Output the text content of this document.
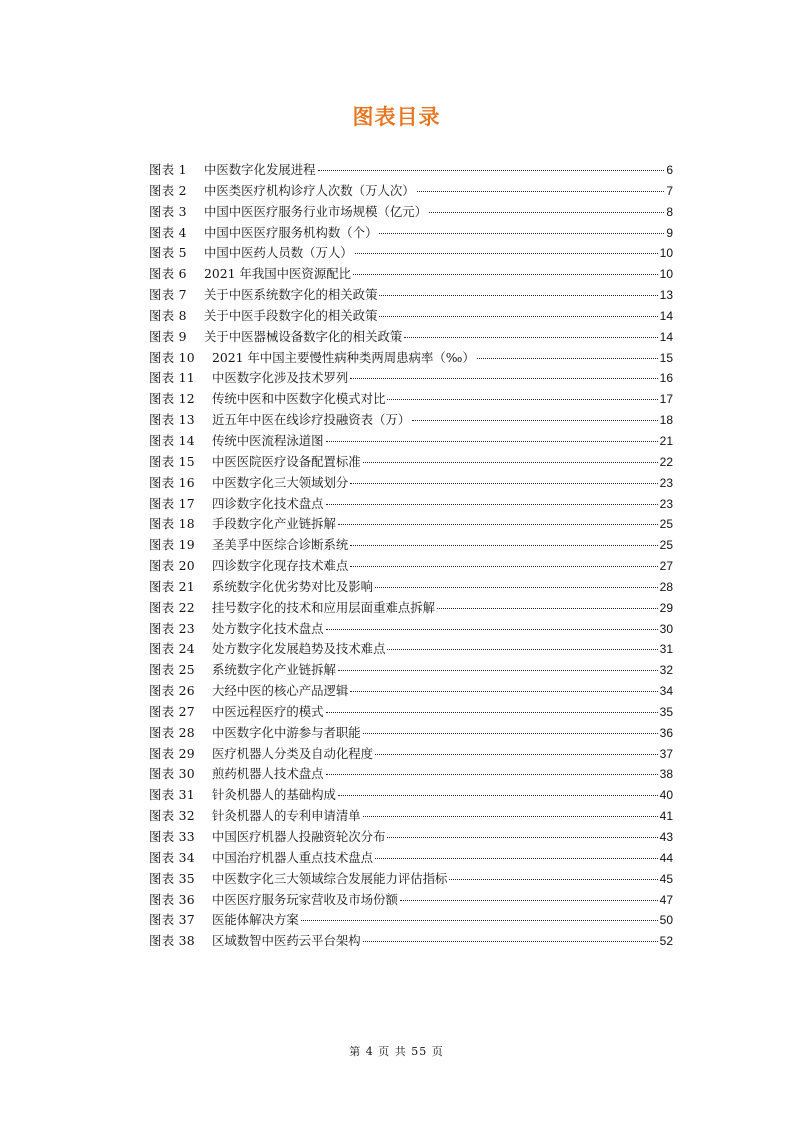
图表目录
图表 1	中医数字化发展进程	6
图表 2	中医类医疗机构诊疗人次数（万人次）	7
图表 3	中国中医医疗服务行业市场规模（亿元）	8
图表 4	中国中医医疗服务机构数（个）	9
图表 5	中国中医药人员数（万人）	10
图表 6	2021 年我国中医资源配比	10
图表 7	关于中医系统数字化的相关政策	13
图表 8	关于中医手段数字化的相关政策	14
图表 9	关于中医器械设备数字化的相关政策	14
图表 10	2021 年中国主要慢性病种类两周患病率（‰）	15
图表 11	中医数字化涉及技术罗列	16
图表 12	传统中医和中医数字化模式对比	17
图表 13	近五年中医在线诊疗投融资表（万）	18
图表 14	传统中医流程泳道图	21
图表 15	中医医院医疗设备配置标准	22
图表 16	中医数字化三大领域划分	23
图表 17	四诊数字化技术盘点	23
图表 18	手段数字化产业链拆解	25
图表 19	圣美孚中医综合诊断系统	25
图表 20	四诊数字化现存技术难点	27
图表 21	系统数字化优劣势对比及影响	28
图表 22	挂号数字化的技术和应用层面重难点拆解	29
图表 23	处方数字化技术盘点	30
图表 24	处方数字化发展趋势及技术难点	31
图表 25	系统数字化产业链拆解	32
图表 26	大经中医的核心产品逻辑	34
图表 27	中医远程医疗的模式	35
图表 28	中医数字化中游参与者职能	36
图表 29	医疗机器人分类及自动化程度	37
图表 30	煎药机器人技术盘点	38
图表 31	针灸机器人的基础构成	40
图表 32	针灸机器人的专利申请清单	41
图表 33	中国医疗机器人投融资轮次分布	43
图表 34	中国治疗机器人重点技术盘点	44
图表 35	中医数字化三大领域综合发展能力评估指标	45
图表 36	中医医疗服务玩家营收及市场份额	47
图表 37	医能体解决方案	50
图表 38	区域数智中医药云平台架构	52
第 4 页 共 55 页
